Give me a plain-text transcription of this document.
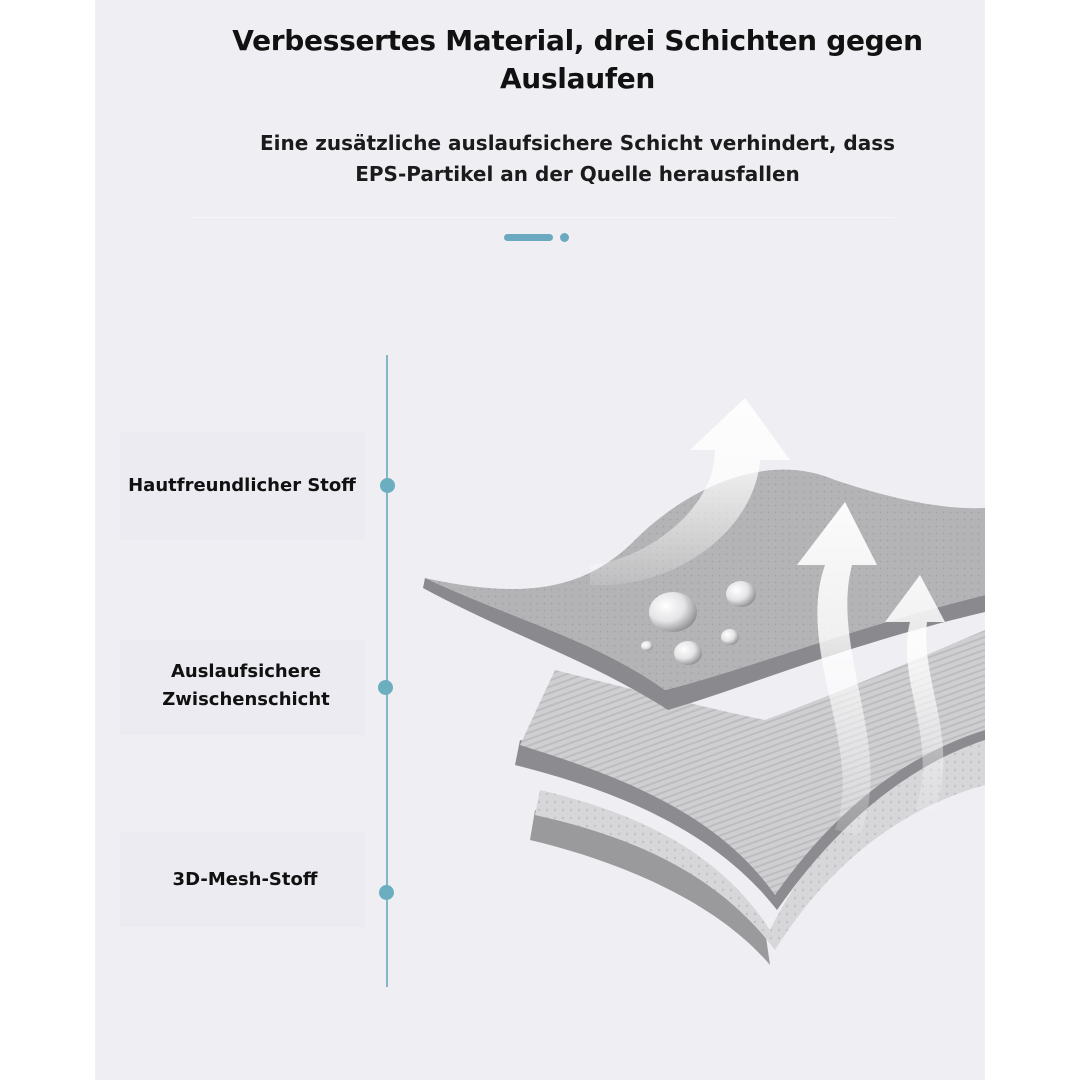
Verbessertes Material, drei Schichten gegen
Auslaufen
Eine zusätzliche auslaufsichere Schicht verhindert, dass
EPS-Partikel an der Quelle herausfallen
Hautfreundlicher Stoff
Auslaufsichere
Zwischenschicht
3D-Mesh-Stoff
